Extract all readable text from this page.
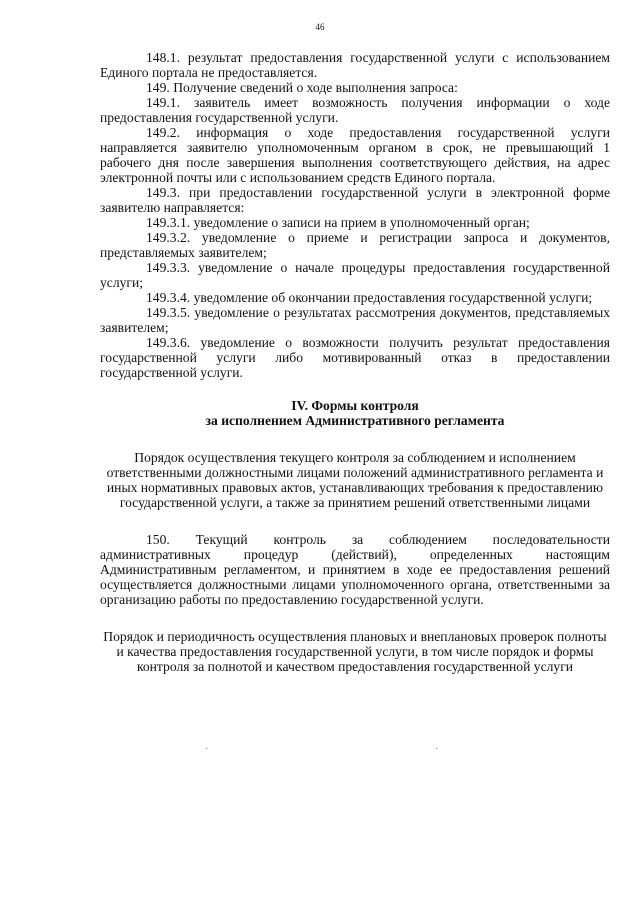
46

148.1. результат предоставления государственной услуги с использованием Единого портала не предоставляется.

149. Получение сведений о ходе выполнения запроса:

149.1. заявитель имеет возможность получения информации о ходе предоставления государственной услуги.

149.2. информация о ходе предоставления государственной услуги направляется заявителю уполномоченным органом в срок, не превышающий 1 рабочего дня после завершения выполнения соответствующего действия, на адрес электронной почты или с использованием средств Единого портала.

149.3. при предоставлении государственной услуги в электронной форме заявителю направляется:

149.3.1. уведомление о записи на прием в уполномоченный орган;

149.3.2. уведомление о приеме и регистрации запроса и документов, представляемых заявителем;

149.3.3. уведомление о начале процедуры предоставления государственной услуги;

149.3.4. уведомление об окончании предоставления государственной услуги;

149.3.5. уведомление о результатах рассмотрения документов, представляемых заявителем;

149.3.6. уведомление о возможности получить результат предоставления государственной услуги либо мотивированный отказ в предоставлении государственной услуги.

IV. Формы контроля

за исполнением Административного регламента

Порядок осуществления текущего контроля за соблюдением и исполнением ответственными должностными лицами положений административного регламента и иных нормативных правовых актов, устанавливающих требования к предоставлению государственной услуги, а также за принятием решений ответственными лицами

150. Текущий контроль за соблюдением последовательности административных процедур (действий), определенных настоящим Административным регламентом, и принятием в ходе ее предоставления решений осуществляется должностными лицами уполномоченного органа, ответственными за организацию работы по предоставлению государственной услуги.

Порядок и периодичность осуществления плановых и внеплановых проверок полноты и качества предоставления государственной услуги, в том числе порядок и формы контроля за полнотой и качеством предоставления государственной услуги

·	·
